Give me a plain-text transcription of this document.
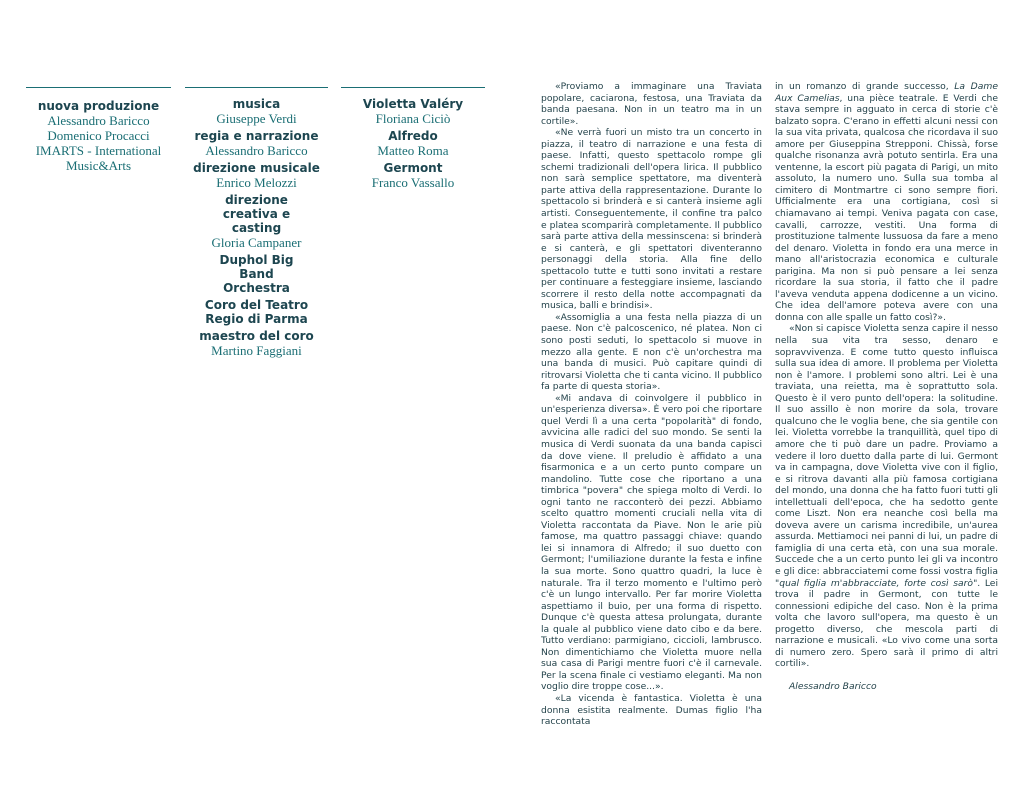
nuova produzione
Alessandro Baricco
Domenico Procacci
IMARTS - International Music&Arts
musica
Giuseppe Verdi
regia e narrazione
Alessandro Baricco
direzione musicale
Enrico Melozzi
direzione creativa e casting
Gloria Campaner
Duphol Big Band Orchestra
Coro del Teatro Regio di Parma
maestro del coro
Martino Faggiani
Violetta Valéry
Floriana Ciciò
Alfredo
Matteo Roma
Germont
Franco Vassallo

«Proviamo a immaginare una Traviata popolare, caciarona, festosa, una Traviata da banda paesana. Non in un teatro ma in un cortile».

«Ne verrà fuori un misto tra un concerto in piazza, il teatro di narrazione e una festa di paese. Infatti, questo spettacolo rompe gli schemi tradizionali dell'opera lirica. Il pubblico non sarà semplice spettatore, ma diventerà parte attiva della rappresentazione. Durante lo spettacolo si brinderà e si canterà insieme agli artisti. Conseguentemente, il confine tra palco e platea scomparirà completamente. Il pubblico sarà parte attiva della messinscena: si brinderà e si canterà, e gli spettatori diventeranno personaggi della storia. Alla fine dello spettacolo tutte e tutti sono invitati a restare per continuare a festeggiare insieme, lasciando scorrere il resto della notte accompagnati da musica, balli e brindisi».

«Assomiglia a una festa nella piazza di un paese. Non c'è palcoscenico, né platea. Non ci sono posti seduti, lo spettacolo si muove in mezzo alla gente. E non c'è un'orchestra ma una banda di musici. Può capitare quindi di ritrovarsi Violetta che ti canta vicino. Il pubblico fa parte di questa storia».

«Mi andava di coinvolgere il pubblico in un'esperienza diversa». È vero poi che riportare quel Verdi lì a una certa "popolarità" di fondo, avvicina alle radici del suo mondo. Se senti la musica di Verdi suonata da una banda capisci da dove viene. Il preludio è affidato a una fisarmonica e a un certo punto compare un mandolino. Tutte cose che riportano a una timbrica "povera" che spiega molto di Verdi. Io ogni tanto ne racconterò dei pezzi. Abbiamo scelto quattro momenti cruciali nella vita di Violetta raccontata da Piave. Non le arie più famose, ma quattro passaggi chiave: quando lei si innamora di Alfredo; il suo duetto con Germont; l'umiliazione durante la festa e infine la sua morte. Sono quattro quadri, la luce è naturale. Tra il terzo momento e l'ultimo però c'è un lungo intervallo. Per far morire Violetta aspettiamo il buio, per una forma di rispetto. Dunque c'è questa attesa prolungata, durante la quale al pubblico viene dato cibo e da bere. Tutto verdiano: parmigiano, ciccioli, lambrusco. Non dimentichiamo che Violetta muore nella sua casa di Parigi mentre fuori c'è il carnevale. Per la scena finale ci vestiamo eleganti. Ma non voglio dire troppe cose...».

«La vicenda è fantastica. Violetta è una donna esistita realmente. Dumas figlio l'ha raccontata

in un romanzo di grande successo, La Dame Aux Camelias, una pièce teatrale. E Verdi che stava sempre in agguato in cerca di storie c'è balzato sopra. C'erano in effetti alcuni nessi con la sua vita privata, qualcosa che ricordava il suo amore per Giuseppina Strepponi. Chissà, forse qualche risonanza avrà potuto sentirla. Era una ventenne, la escort più pagata di Parigi, un mito assoluto, la numero uno. Sulla sua tomba al cimitero di Montmartre ci sono sempre fiori. Ufficialmente era una cortigiana, così si chiamavano ai tempi. Veniva pagata con case, cavalli, carrozze, vestiti. Una forma di prostituzione talmente lussuosa da fare a meno del denaro. Violetta in fondo era una merce in mano all'aristocrazia economica e culturale parigina. Ma non si può pensare a lei senza ricordare la sua storia, il fatto che il padre l'aveva venduta appena dodicenne a un vicino. Che idea dell'amore poteva avere con una donna con alle spalle un fatto così?».

«Non si capisce Violetta senza capire il nesso nella sua vita tra sesso, denaro e sopravvivenza. E come tutto questo influisca sulla sua idea di amore. Il problema per Violetta non è l'amore. I problemi sono altri. Lei è una traviata, una reietta, ma è soprattutto sola. Questo è il vero punto dell'opera: la solitudine. Il suo assillo è non morire da sola, trovare qualcuno che le voglia bene, che sia gentile con lei. Violetta vorrebbe la tranquillità, quel tipo di amore che ti può dare un padre. Proviamo a vedere il loro duetto dalla parte di lui. Germont va in campagna, dove Violetta vive con il figlio, e si ritrova davanti alla più famosa cortigiana del mondo, una donna che ha fatto fuori tutti gli intellettuali dell'epoca, che ha sedotto gente come Liszt. Non era neanche così bella ma doveva avere un carisma incredibile, un'aurea assurda. Mettiamoci nei panni di lui, un padre di famiglia di una certa età, con una sua morale. Succede che a un certo punto lei gli va incontro e gli dice: abbracciatemi come fossi vostra figlia "qual figlia m'abbracciate, forte così sarò". Lei trova il padre in Germont, con tutte le connessioni edipiche del caso. Non è la prima volta che lavoro sull'opera, ma questo è un progetto diverso, che mescola parti di narrazione e musicali. «Lo vivo come una sorta di numero zero. Spero sarà il primo di altri cortili».

Alessandro Baricco
